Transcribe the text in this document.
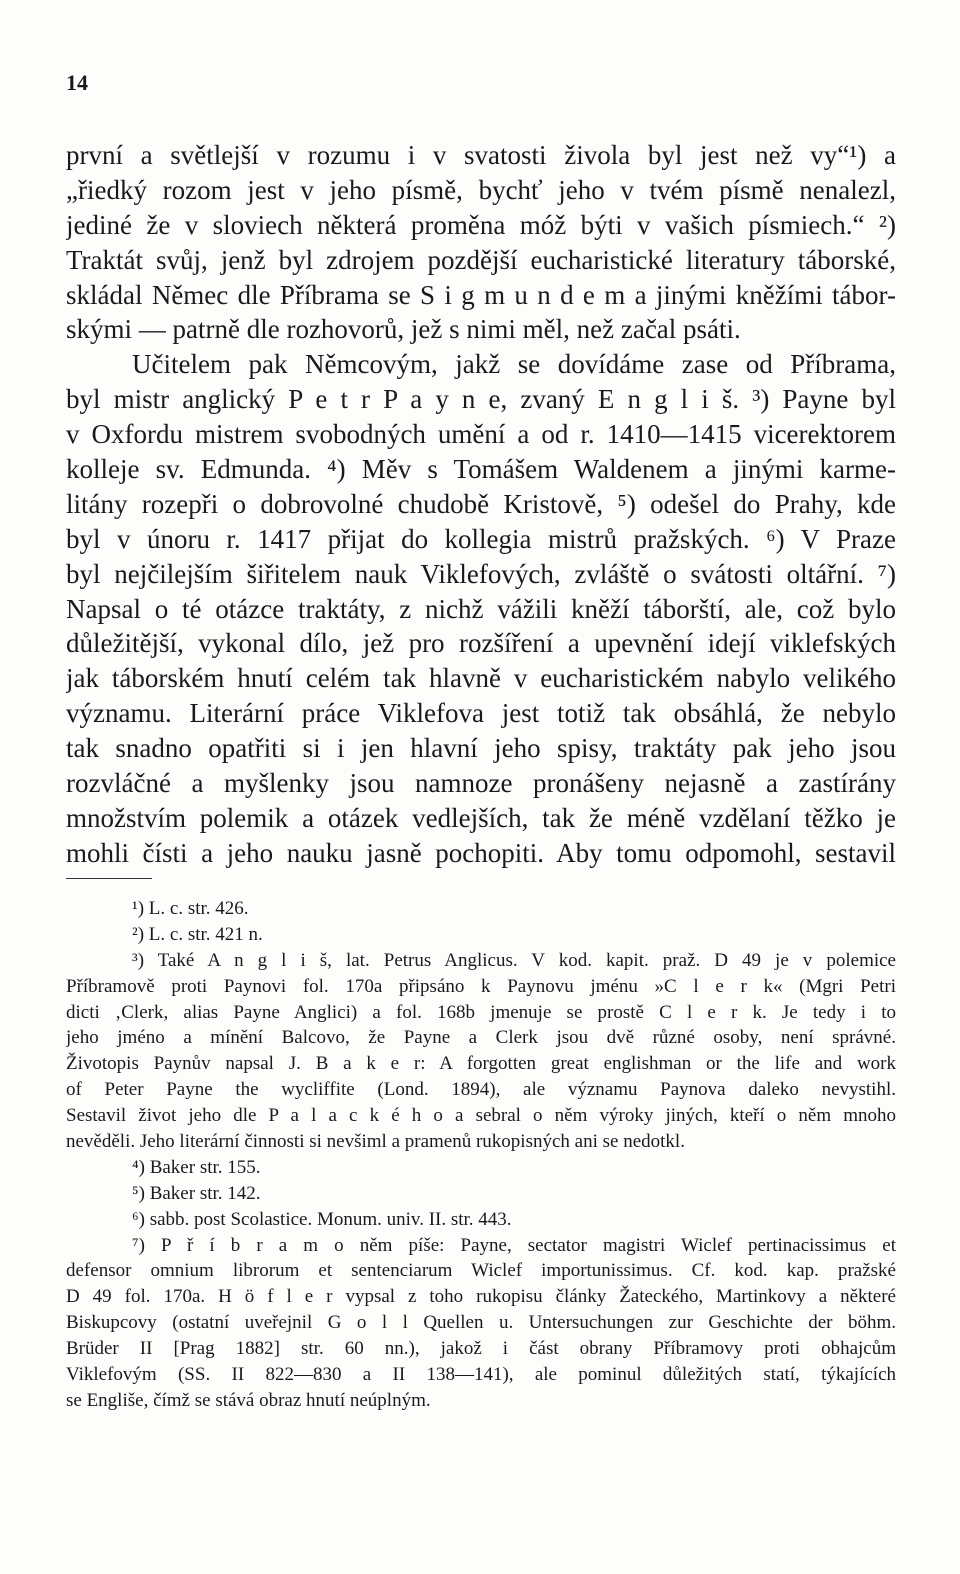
14
první a světlejší v rozumu i v svatosti živola byl jest než vy“¹) a
„řiedký rozom jest v jeho písmě, bychť jeho v tvém písmě nenalezl,
jediné že v sloviech některá proměna móž býti v vašich písmiech.“ ²)
Traktát svůj, jenž byl zdrojem pozdější eucharistické literatury táborské,
skládal Němec dle Příbrama se S i g m u n d e m a jinými kněžími tábor-
skými — patrně dle rozhovorů, jež s nimi měl, než začal psáti.
Učitelem pak Němcovým, jakž se dovídáme zase od Příbrama,
byl mistr anglický P e t r P a y n e, zvaný E n g l i š. ³) Payne byl
v Oxfordu mistrem svobodných umění a od r. 1410—1415 vicerektorem
kolleje sv. Edmunda. ⁴) Měv s Tomášem Waldenem a jinými karme-
litány rozepři o dobrovolné chudobě Kristově, ⁵) odešel do Prahy, kde
byl v únoru r. 1417 přijat do kollegia mistrů pražských. ⁶) V Praze
byl nejčilejším šiřitelem nauk Viklefových, zvláště o svátosti oltářní. ⁷)
Napsal o té otázce traktáty, z nichž vážili kněží táborští, ale, což bylo
důležitější, vykonal dílo, jež pro rozšíření a upevnění idejí viklefských
jak táborském hnutí celém tak hlavně v eucharistickém nabylo velikého
významu. Literární práce Viklefova jest totiž tak obsáhlá, že nebylo
tak snadno opatřiti si i jen hlavní jeho spisy, traktáty pak jeho jsou
rozvláčné a myšlenky jsou namnoze pronášeny nejasně a zastírány
množstvím polemik a otázek vedlejších, tak že méně vzdělaní těžko je
mohli čísti a jeho nauku jasně pochopiti. Aby tomu odpomohl, sestavil
¹) L. c. str. 426.
²) L. c. str. 421 n.
³) Také A n g l i š, lat. Petrus Anglicus. V kod. kapit. praž. D 49 je v polemice
Příbramově proti Paynovi fol. 170a připsáno k Paynovu jménu »C l e r k« (Mgri Petri
dicti ‚Clerk, alias Payne Anglici) a fol. 168b jmenuje se prostě C l e r k. Je tedy i to
jeho jméno a mínění Balcovo, že Payne a Clerk jsou dvě různé osoby, není správné.
Životopis Paynův napsal J. B a k e r: A forgotten great englishman or the life and work
of Peter Payne the wycliffite (Lond. 1894), ale významu Paynova daleko nevystihl.
Sestavil život jeho dle P a l a c k é h o a sebral o něm výroky jiných, kteří o něm mnoho
nevěděli. Jeho literární činnosti si nevšiml a pramenů rukopisných ani se nedotkl.
⁴) Baker str. 155.
⁵) Baker str. 142.
⁶) sabb. post Scolastice. Monum. univ. II. str. 443.
⁷) P ř í b r a m o něm píše: Payne, sectator magistri Wiclef pertinacissimus et
defensor omnium librorum et sentenciarum Wiclef importunissimus. Cf. kod. kap. pražské
D 49 fol. 170a. H ö f l e r vypsal z toho rukopisu články Žateckého, Martinkovy a některé
Biskupcovy (ostatní uveřejnil G o l l Quellen u. Untersuchungen zur Geschichte der böhm.
Brüder II [Prag 1882] str. 60 nn.), jakož i část obrany Příbramovy proti obhajcům
Viklefovým (SS. II 822—830 a II 138—141), ale pominul důležitých statí, týkajících
se Engliše, čímž se stává obraz hnutí neúplným.
